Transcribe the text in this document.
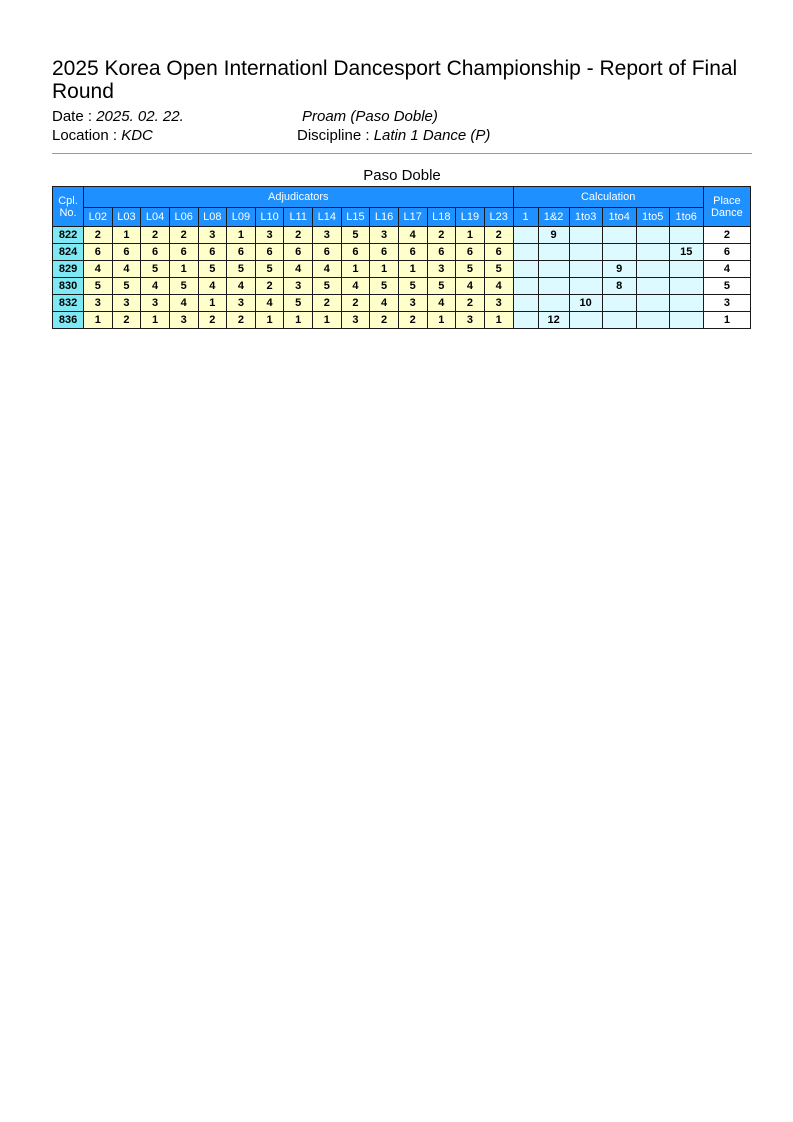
2025 Korea Open Internationl Dancesport Championship - Report of Final Round
Date : 2025. 02. 22.	Proam (Paso Doble)
Location : KDC	Discipline : Latin 1 Dance (P)
Paso Doble
Cpl.
No.	Adjudicators															Calculation						Place
Dance
	L02	L03	L04	L06	L08	L09	L10	L11	L14	L15	L16	L17	L18	L19	L23	1	1&2	1to3	1to4	1to5	1to6	
822	2	1	2	2	3	1	3	2	3	5	3	4	2	1	2		9					2
824	6	6	6	6	6	6	6	6	6	6	6	6	6	6	6						15	6
829	4	4	5	1	5	5	5	4	4	1	1	1	3	5	5				9			4
830	5	5	4	5	4	4	2	3	5	4	5	5	5	4	4				8			5
832	3	3	3	4	1	3	4	5	2	2	4	3	4	2	3			10				3
836	1	2	1	3	2	2	1	1	1	3	2	2	1	3	1		12					1
